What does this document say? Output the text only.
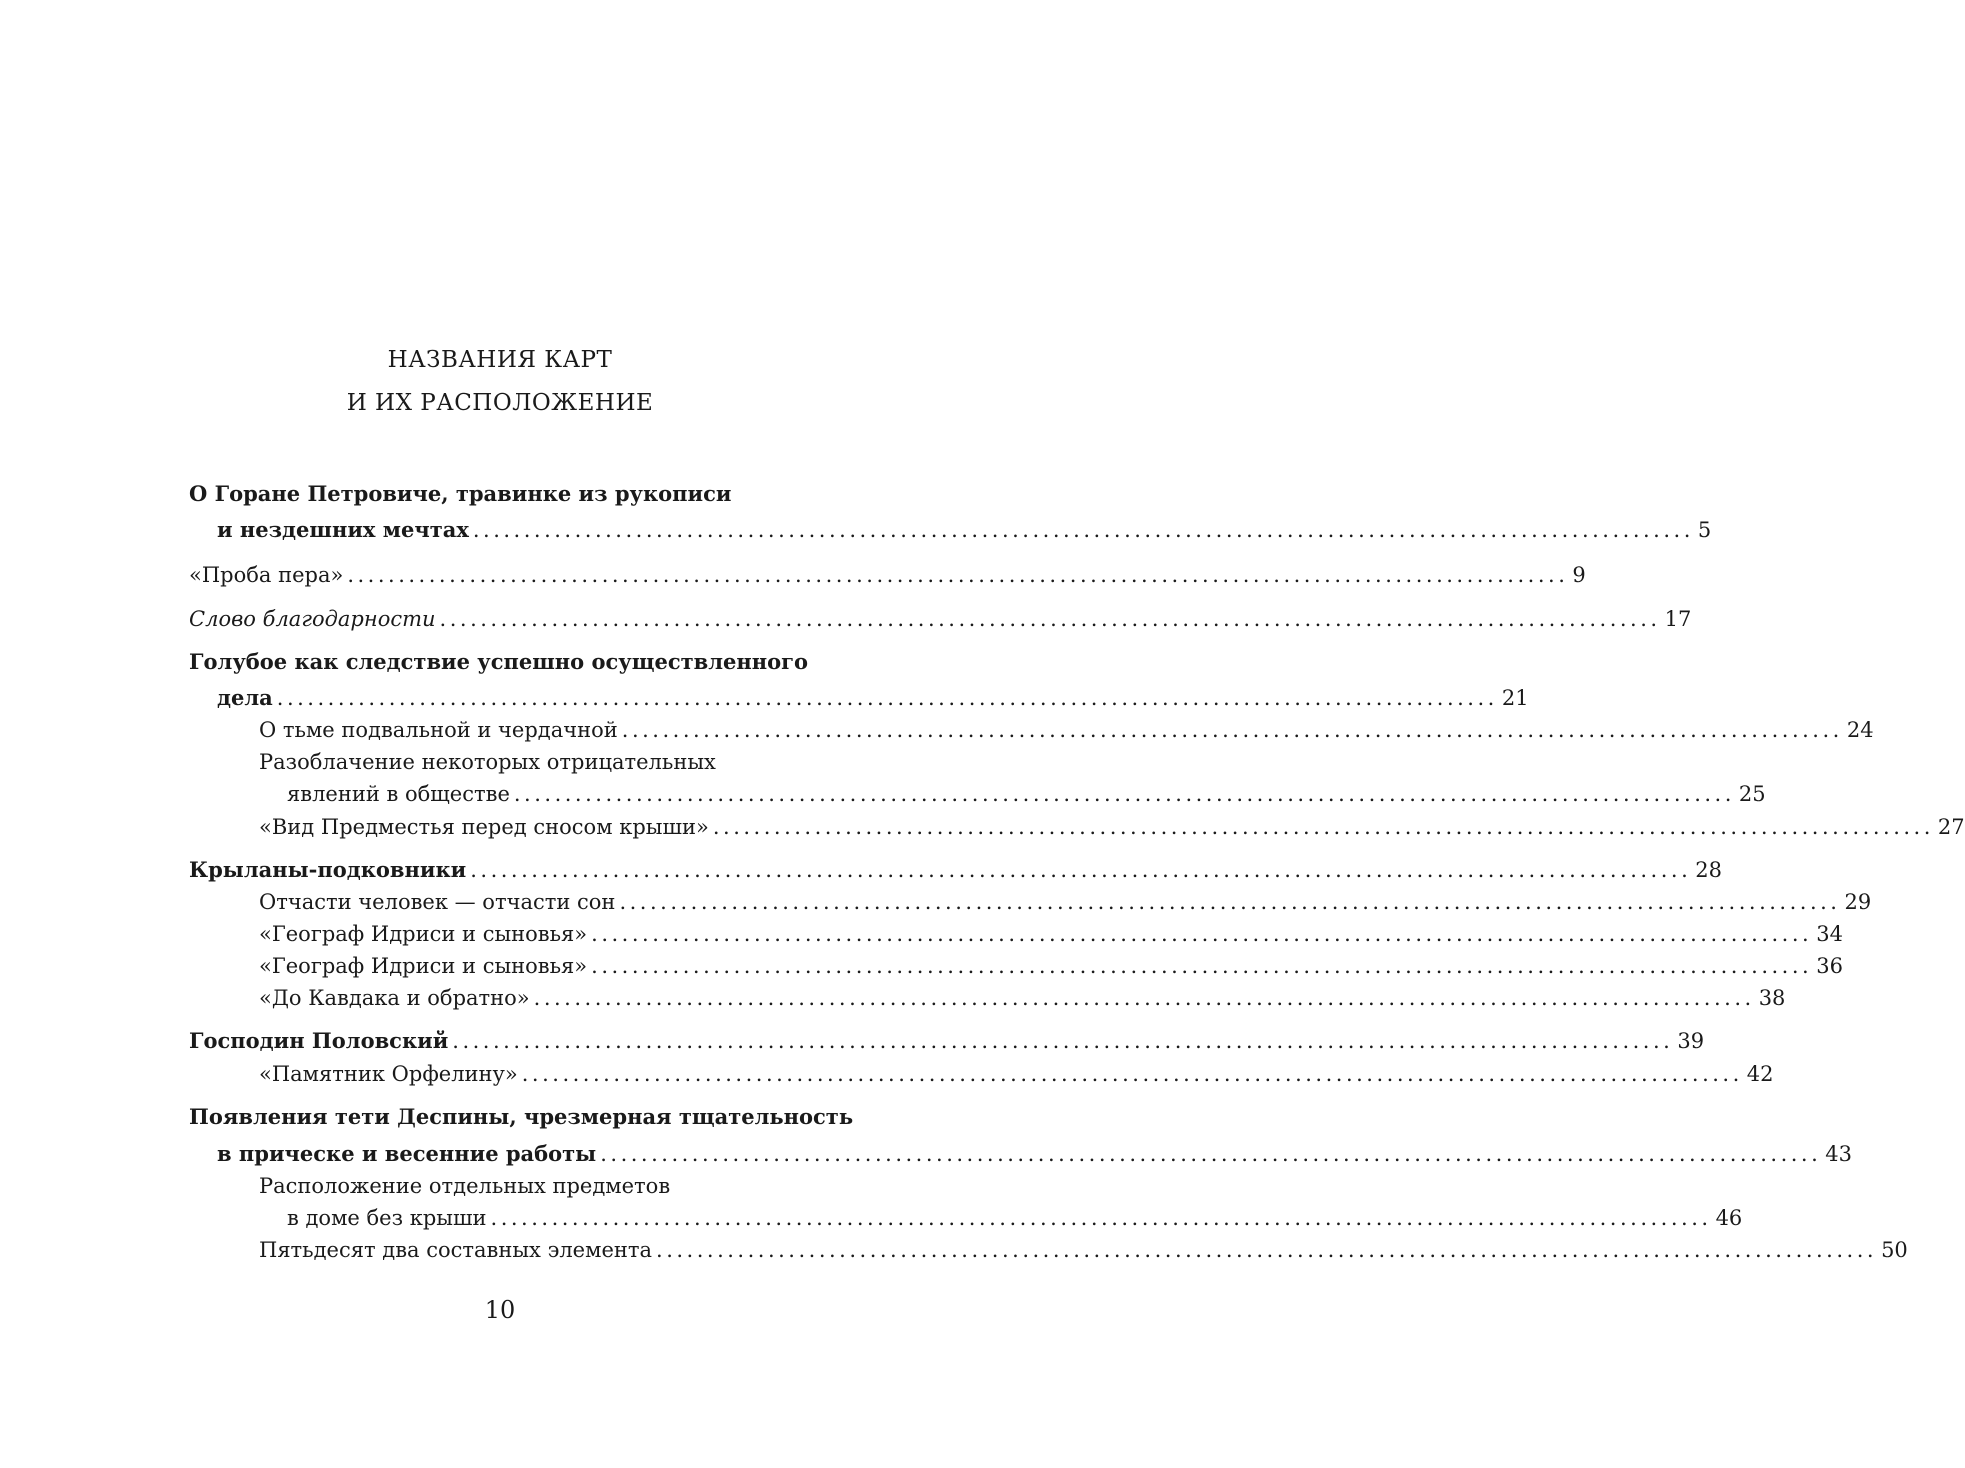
НАЗВАНИЯ КАРТ
И ИХ РАСПОЛОЖЕНИЕ
О Горане Петровиче, травинке из рукописи
и нездешних мечтах ........................................................................................................................ 5
«Проба пера» ........................................................................................................................ 9
Слово благодарности ........................................................................................................................ 17
Голубое как следствие успешно осуществленного
дела ........................................................................................................................ 21
О тьме подвальной и чердачной ........................................................................................................................ 24
Разоблачение некоторых отрицательных
явлений в обществе ........................................................................................................................ 25
«Вид Предместья перед сносом крыши» ........................................................................................................................ 27
Крыланы-подковники ........................................................................................................................ 28
Отчасти человек — отчасти сон ........................................................................................................................ 29
«Географ Идриси и сыновья» ........................................................................................................................ 34
«Географ Идриси и сыновья» ........................................................................................................................ 36
«До Кавдака и обратно» ........................................................................................................................ 38
Господин Половский ........................................................................................................................ 39
«Памятник Орфелину» ........................................................................................................................ 42
Появления тети Деспины, чрезмерная тщательность
в прическе и весенние работы ........................................................................................................................ 43
Расположение отдельных предметов
в доме без крыши ........................................................................................................................ 46
Пятьдесят два составных элемента ........................................................................................................................ 50
10
